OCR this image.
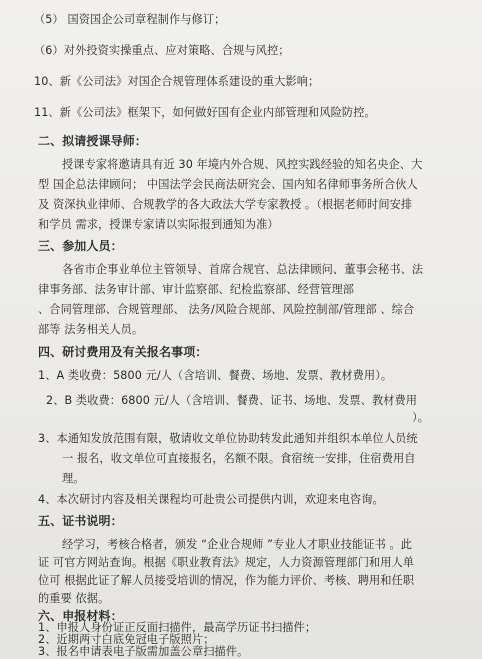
（5） 国资国企公司章程制作与修订；
（6）对外投资实操重点、应对策略、合规与风控；
10、新《公司法》对国企合规管理体系建设的重大影响；
11、新《公司法》框架下，如何做好国有企业内部管理和风险防控。
二、拟请授课导师：
授课专家将邀请具有近 30 年境内外合规、风控实践经验的知名央企、大
型 国企总法律顾问； 中国法学会民商法研究会、国内知名律师事务所合伙人
及 资深执业律师、合规教学的各大政法大学专家教授 。（根据老师时间安排
和学员 需求，授课专家请以实际报到通知为准）
三、参加人员：
各省市企事业单位主管领导、首席合规官、总法律顾问、董事会秘书、法
律事务部、法务审计部、审计监察部、纪检监察部、经营管理部
、合同管理部、合规管理部、 法务/风险合规部、风险控制部/管理部 、综合
部等 法务相关人员。
四、研讨费用及有关报名事项：
1、A 类收费：5800 元/人（含培训、餐费、场地、发票、教材费用）。
2、B 类收费：6800 元/人（含培训、餐费、证书、场地、发票、教材费用
）。
3、本通知发放范围有限，敬请收文单位协助转发此通知并组织本单位人员统
一 报名，收文单位可直接报名，名额不限。食宿统一安排，住宿费用自
理。
4、本次研讨内容及相关课程均可赴贵公司提供内训，欢迎来电咨询。
五、证书说明：
经学习，考核合格者，颁发 “企业合规师 ”专业人才职业技能证书 。此
证 可官方网站查询。根据《职业教育法》规定，人力资源管理部门和用人单
位可 根据此证了解人员接受培训的情况，作为能力评价、考核、聘用和任职
的重要 依据。
六、申报材料：
1、申报人身份证正反面扫描件，最高学历证书扫描件；
2、近期两寸白底免冠电子版照片；
3、报名申请表电子版需加盖公章扫描件。
